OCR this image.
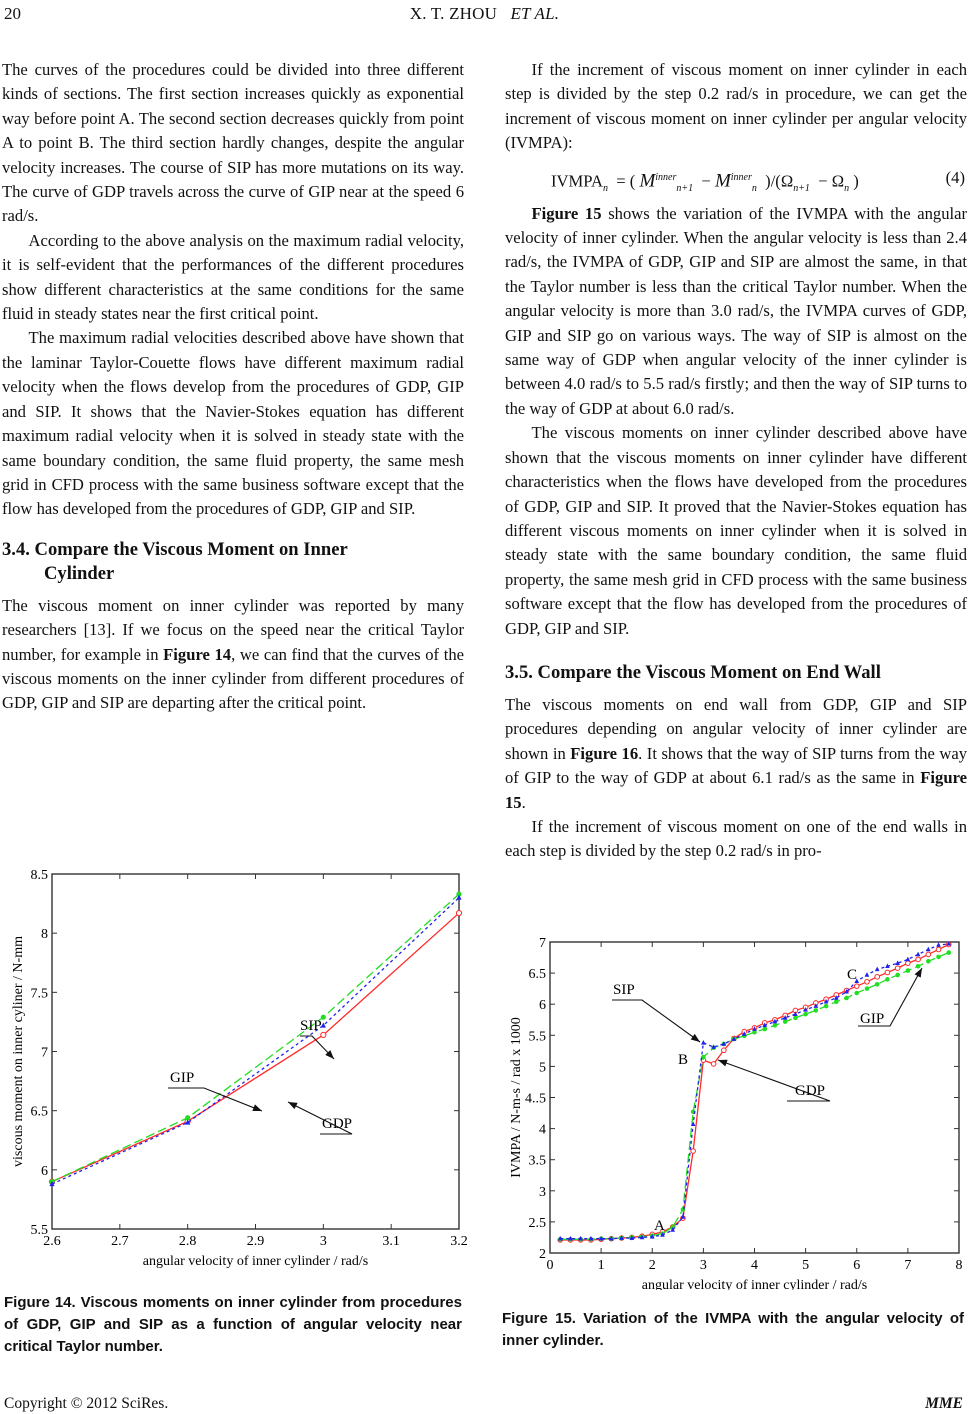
20	X. T. ZHOU ET AL.

The curves of the procedures could be divided into three different kinds of sections. The first section increases quickly as exponential way before point A. The second section decreases quickly from point A to point B. The third section hardly changes, despite the angular velocity increases. The course of SIP has more mutations on its way. The curve of GDP travels across the curve of GIP near at the speed 6 rad/s.

According to the above analysis on the maximum radial velocity, it is self-evident that the performances of the different procedures show different characteristics at the same conditions for the same fluid in steady states near the first critical point.

The maximum radial velocities described above have shown that the laminar Taylor-Couette flows have different maximum radial velocity when the flows develop from the procedures of GDP, GIP and SIP. It shows that the Navier-Stokes equation has different maximum radial velocity when it is solved in steady state with the same boundary condition, the same fluid property, the same mesh grid in CFD process with the same business software except that the flow has developed from the procedures of GDP, GIP and SIP.

3.4. Compare the Viscous Moment on Inner
Cylinder

The viscous moment on inner cylinder was reported by many researchers [13]. If we focus on the speed near the critical Taylor number, for example in Figure 14, we can find that the curves of the viscous moments on the inner cylinder from different procedures of GDP, GIP and SIP are departing after the critical point.

2.6	2.7	2.8	2.9	3	3.1	3.2
5.5
6
6.5
7
7.5
8
8.5
angular velocity of inner cylinder / rad/s
viscous moment on inner cyliner / N-mm	SIP
GIP
GDP
Figure 14. Viscous moments on inner cylinder from procedures of GDP, GIP and SIP as a function of angular velocity near critical Taylor number.

If the increment of viscous moment on inner cylinder in each step is divided by the step 0.2 rad/s in procedure, we can get the increment of viscous moment on inner cylinder per angular velocity (IVMPA):

$IVMPA_n$  = ( $M^{inner}_{n+1} - M^{inner}_n$  )$/(\Omega_{n+1} - \Omega_n$ )	(4)

Figure 15 shows the variation of the IVMPA with the angular velocity of inner cylinder. When the angular velocity is less than 2.4 rad/s, the IVMPA of GDP, GIP and SIP are almost the same, in that the Taylor number is less than the critical Taylor number. When the angular velocity is more than 3.0 rad/s, the IVMPA curves of GDP, GIP and SIP go on various ways. The way of SIP is almost on the same way of GDP when angular velocity of the inner cylinder is between 4.0 rad/s to 5.5 rad/s firstly; and then the way of SIP turns to the way of GDP at about 6.0 rad/s.

The viscous moments on inner cylinder described above have shown that the viscous moments on inner cylinder have different characteristics when the flows have developed from the procedures of GDP, GIP and SIP. It proved that the Navier-Stokes equation has different viscous moments on inner cylinder when it is solved in steady state with the same boundary condition, the same fluid property, the same mesh grid in CFD process with the same business software except that the flow has developed from the procedures of GDP, GIP and SIP.

3.5. Compare the Viscous Moment on End Wall

The viscous moments on end wall from GDP, GIP and SIP procedures depending on angular velocity of inner cylinder are shown in Figure 16. It shows that the way of SIP turns from the way of GIP to the way of GDP at about 6.1 rad/s as the same in Figure 15.

If the increment of viscous moment on one of the end walls in each step is divided by the step 0.2 rad/s in pro-

0	1	2	3	4	5	6	7	8
2
2.5
3
3.5
4
4..5
5
5.5
6
6.5
7
angular velocity of inner cylinder / rad/s
IVMPA / N-m-s / rad x 1000
A
B
C
SIP
GIP
GDP
Figure 15. Variation of the IVMPA with the angular velocity of inner cylinder.
Copyright © 2012 SciRes.	MME
